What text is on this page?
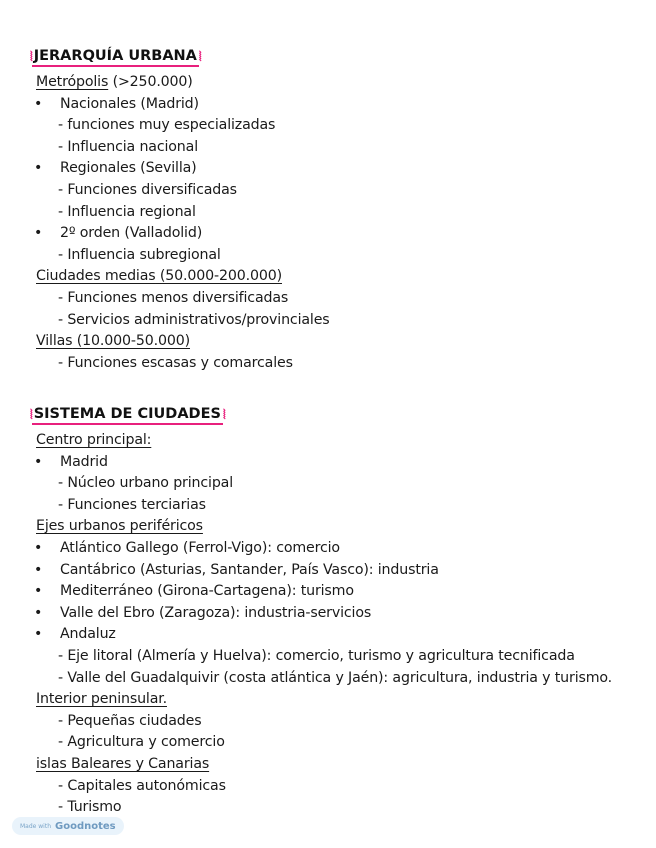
⦚ JERARQUÍA URBANA ⦚
Metrópolis (>250.000)
• Nacionales (Madrid)
- funciones muy especializadas
- Influencia nacional
• Regionales (Sevilla)
- Funciones diversificadas
- Influencia regional
• 2º orden (Valladolid)
- Influencia subregional
Ciudades medias (50.000-200.000)
- Funciones menos diversificadas
- Servicios administrativos/provinciales
Villas (10.000-50.000)
- Funciones escasas y comarcales
⦚ SISTEMA DE CIUDADES ⦚
Centro principal:
• Madrid
- Núcleo urbano principal
- Funciones terciarias
Ejes urbanos periféricos
• Atlántico Gallego (Ferrol-Vigo): comercio
• Cantábrico (Asturias, Santander, País Vasco): industria
• Mediterráneo (Girona-Cartagena): turismo
• Valle del Ebro (Zaragoza): industria-servicios
• Andaluz
- Eje litoral (Almería y Huelva): comercio, turismo y agricultura tecnificada
- Valle del Guadalquivir (costa atlántica y Jaén): agricultura, industria y turismo.
Interior peninsular.
- Pequeñas ciudades
- Agricultura y comercio
islas Baleares y Canarias
- Capitales autonómicas
- Turismo
Made with Goodnotes
